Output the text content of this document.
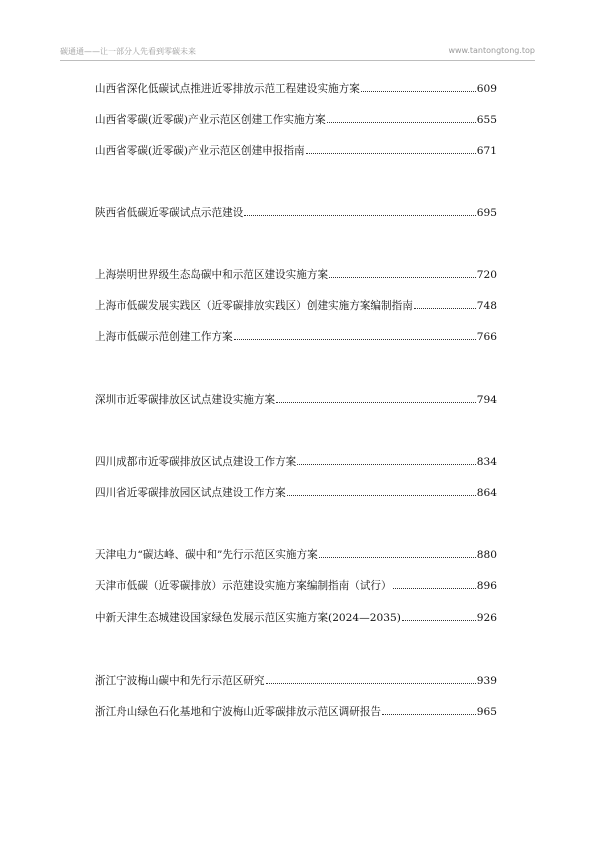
碳通通——让一部分人先看到零碳未来	www.tantongtong.top
山西省深化低碳试点推进近零排放示范工程建设实施方案	609
山西省零碳(近零碳)产业示范区创建工作实施方案	655
山西省零碳(近零碳)产业示范区创建申报指南	671
陕西省低碳近零碳试点示范建设	695
上海崇明世界级生态岛碳中和示范区建设实施方案	720
上海市低碳发展实践区（近零碳排放实践区）创建实施方案编制指南	748
上海市低碳示范创建工作方案	766
深圳市近零碳排放区试点建设实施方案	794
四川成都市近零碳排放区试点建设工作方案	834
四川省近零碳排放园区试点建设工作方案	864
天津电力“碳达峰、碳中和”先行示范区实施方案	880
天津市低碳（近零碳排放）示范建设实施方案编制指南（试行）	896
中新天津生态城建设国家绿色发展示范区实施方案(2024—2035)	926
浙江宁波梅山碳中和先行示范区研究	939
浙江舟山绿色石化基地和宁波梅山近零碳排放示范区调研报告	965
